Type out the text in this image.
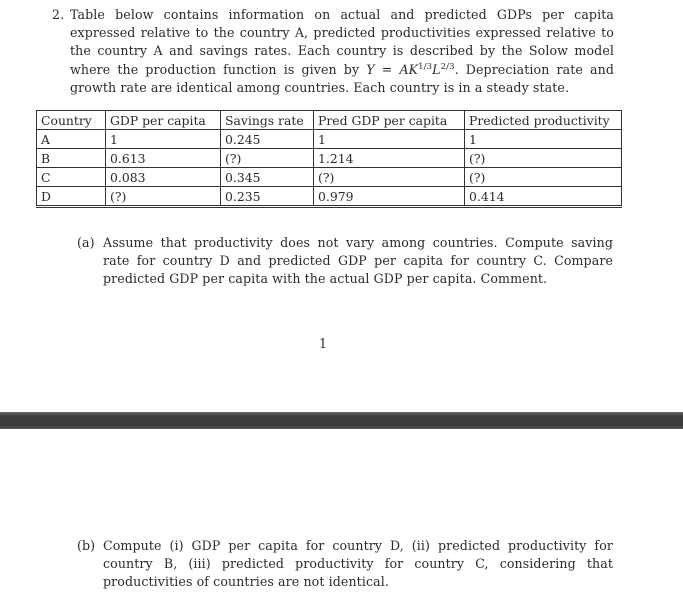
2. Table below contains information on actual and predicted GDPs per capita expressed relative to the country A, predicted productivities expressed relative to the country A and savings rates. Each country is described by the Solow model where the production function is given by $Y = AK^{1/3}L^{2/3}$. Depreciation rate and growth rate are identical among countries. Each country is in a steady state.
Country	GDP per capita	Savings rate	Pred GDP per capita	Predicted productivity
A	1	0.245	1	1
B	0.613	(?)	1.214	(?)
C	0.083	0.345	(?)	(?)
D	(?)	0.235	0.979	0.414
(a) Assume that productivity does not vary among countries. Compute saving rate for country D and predicted GDP per capita for country C. Compare predicted GDP per capita with the actual GDP per capita. Comment.
1
(b) Compute (i) GDP per capita for country D, (ii) predicted productivity for country B, (iii) predicted productivity for country C, considering that productivities of countries are not identical.
